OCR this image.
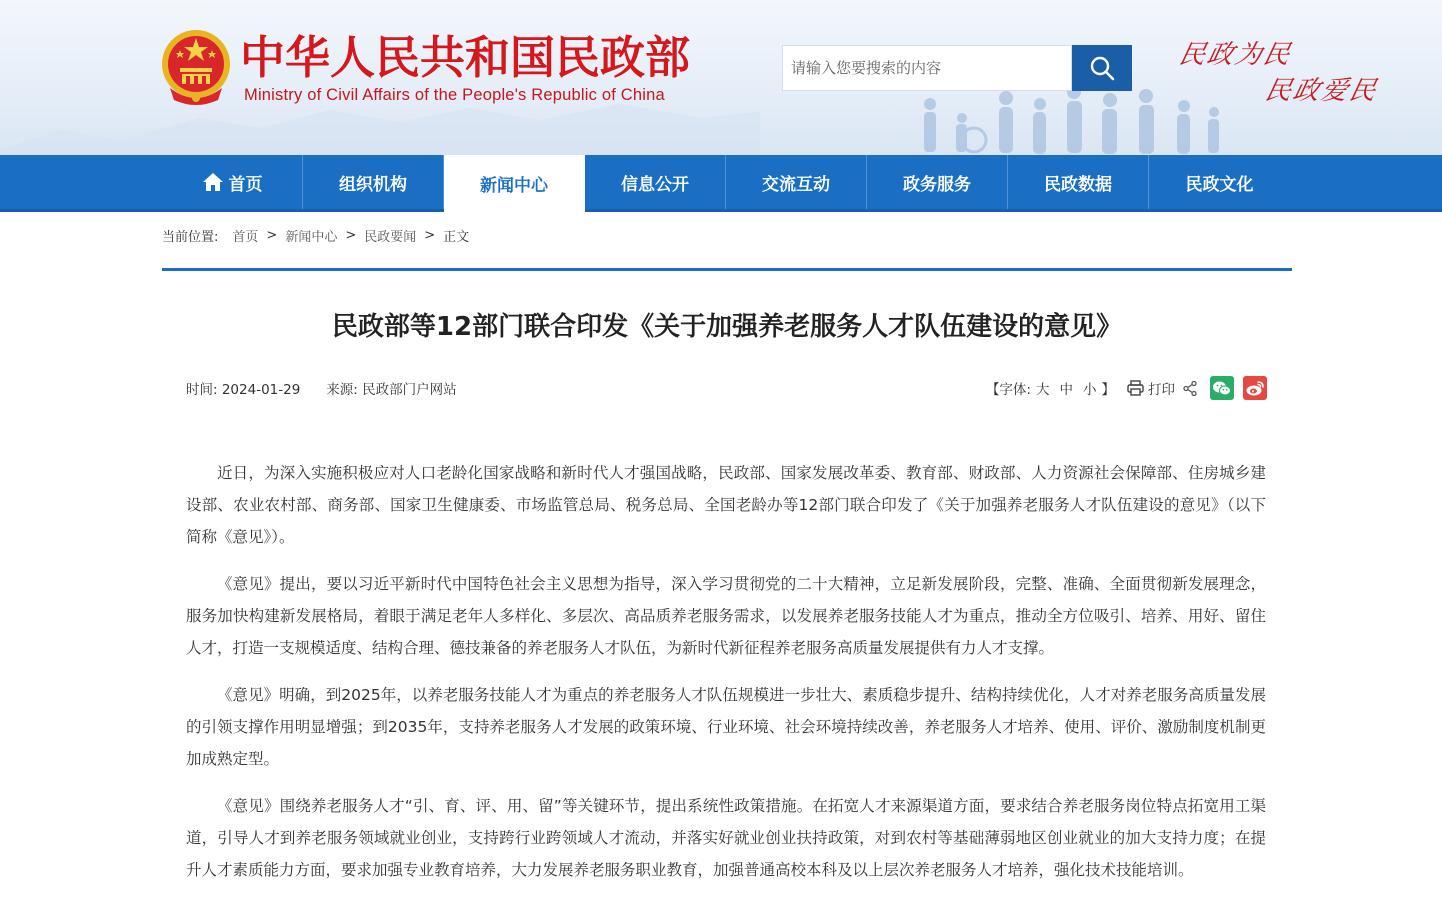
中华人民共和国民政部
Ministry of Civil Affairs of the People's Republic of China
请输入您要搜索的内容
民政为民
民政爱民
首页	组织机构	新闻中心	信息公开	交流互动	政务服务	民政数据	民政文化
当前位置: 首页 > 新闻中心 > 民政要闻 > 正文
民政部等12部门联合印发《关于加强养老服务人才队伍建设的意见》
时间: 2024-01-29 来源: 民政部门户网站	【字体: 大 中 小 】 打印

近日，为深入实施积极应对人口老龄化国家战略和新时代人才强国战略，民政部、国家发展改革委、教育部、财政部、人力资源社会保障部、住房城乡建设部、农业农村部、商务部、国家卫生健康委、市场监管总局、税务总局、全国老龄办等12部门联合印发了《关于加强养老服务人才队伍建设的意见》（以下简称《意见》）。

《意见》提出，要以习近平新时代中国特色社会主义思想为指导，深入学习贯彻党的二十大精神，立足新发展阶段，完整、准确、全面贯彻新发展理念，服务加快构建新发展格局，着眼于满足老年人多样化、多层次、高品质养老服务需求，以发展养老服务技能人才为重点，推动全方位吸引、培养、用好、留住人才，打造一支规模适度、结构合理、德技兼备的养老服务人才队伍，为新时代新征程养老服务高质量发展提供有力人才支撑。

《意见》明确，到2025年，以养老服务技能人才为重点的养老服务人才队伍规模进一步壮大、素质稳步提升、结构持续优化，人才对养老服务高质量发展的引领支撑作用明显增强；到2035年，支持养老服务人才发展的政策环境、行业环境、社会环境持续改善，养老服务人才培养、使用、评价、激励制度机制更加成熟定型。

《意见》围绕养老服务人才“引、育、评、用、留”等关键环节，提出系统性政策措施。在拓宽人才来源渠道方面，要求结合养老服务岗位特点拓宽用工渠道，引导人才到养老服务领域就业创业，支持跨行业跨领域人才流动，并落实好就业创业扶持政策，对到农村等基础薄弱地区创业就业的加大支持力度；在提升人才素质能力方面，要求加强专业教育培养，大力发展养老服务职业教育，加强普通高校本科及以上层次养老服务人才培养，强化技术技能培训。
